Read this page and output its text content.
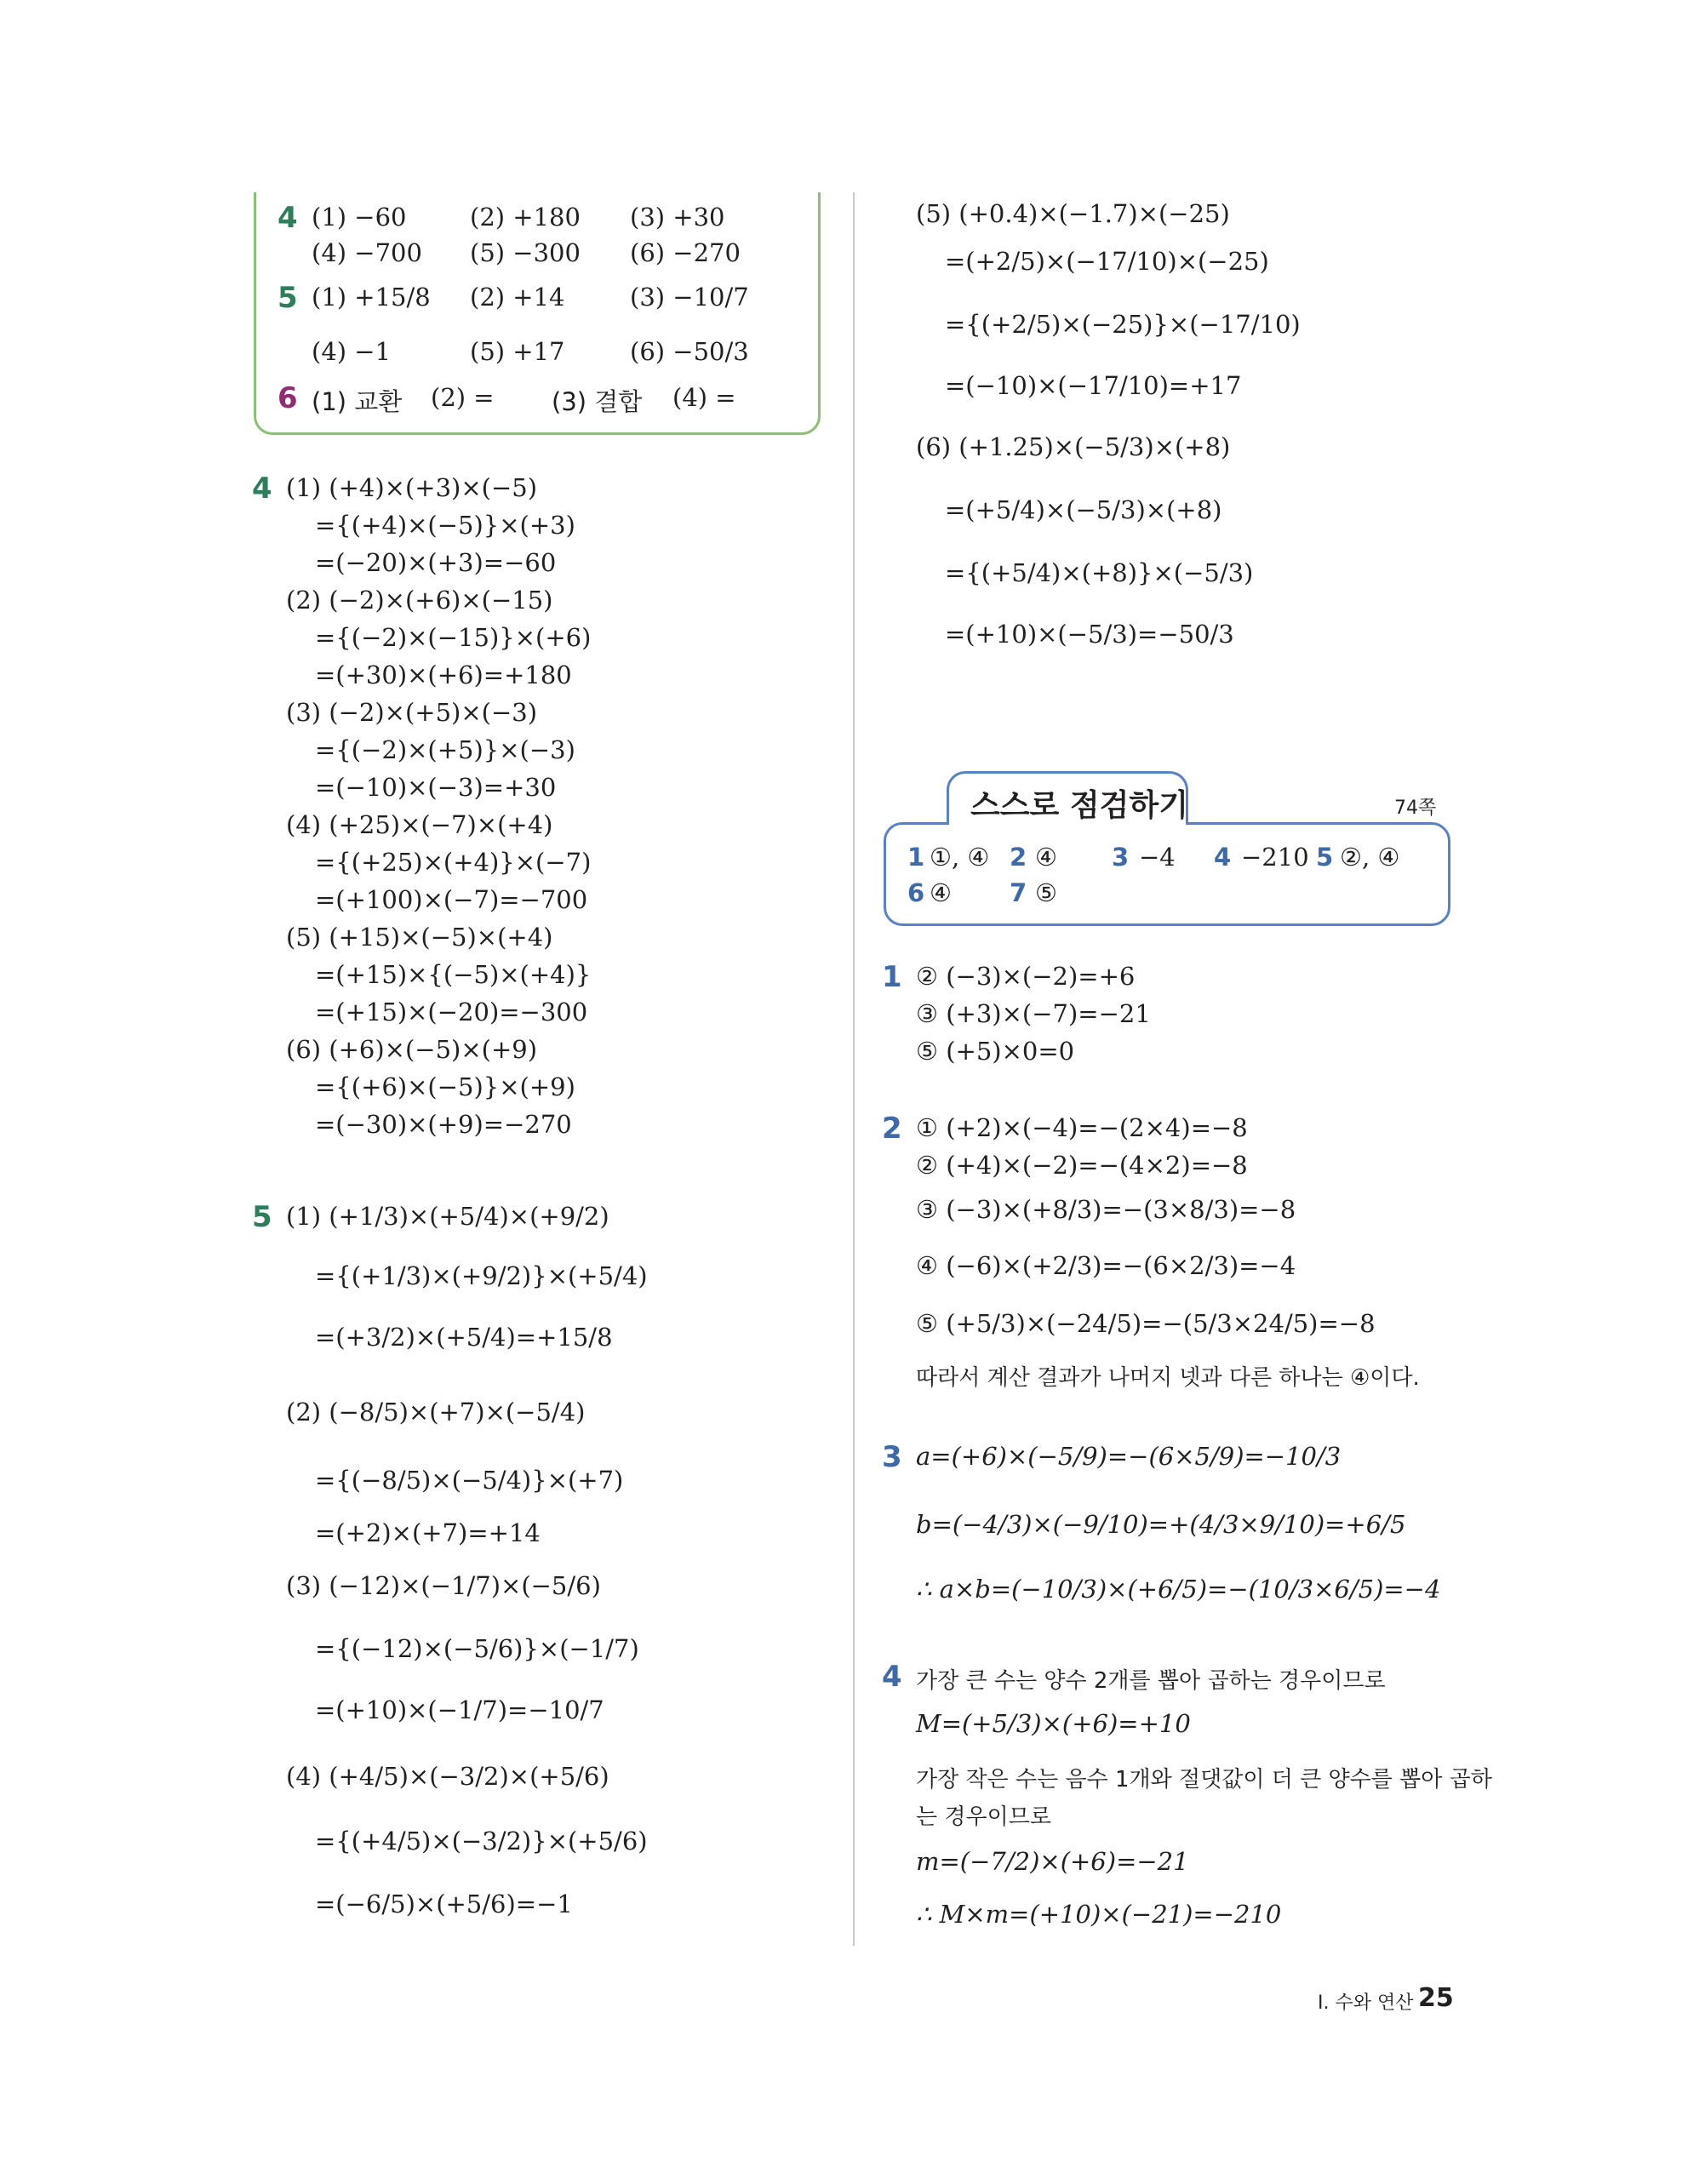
4 (1) −60	(2) +180 (3) +30
(4) −700 (5) −300 (6) −270
5 (1) +15/8 (2) +14	(3) −10/7
(4) −1	(5) +17	(6) −50/3
6 (1) 교환 (2) = (3) 결합 (4) =
4 (1) (+4)×(+3)×(−5)
={(+4)×(−5)}×(+3)
=(−20)×(+3)=−60
(2) (−2)×(+6)×(−15)
={(−2)×(−15)}×(+6)
=(+30)×(+6)=+180
(3) (−2)×(+5)×(−3)
={(−2)×(+5)}×(−3)
=(−10)×(−3)=+30
(4) (+25)×(−7)×(+4)
={(+25)×(+4)}×(−7)
=(+100)×(−7)=−700
(5) (+15)×(−5)×(+4)
=(+15)×{(−5)×(+4)}
=(+15)×(−20)=−300
(6) (+6)×(−5)×(+9)
={(+6)×(−5)}×(+9)
=(−30)×(+9)=−270
5 (1) (+1/3)×(+5/4)×(+9/2)
={(+1/3)×(+9/2)}×(+5/4)
=(+3/2)×(+5/4)=+15/8
(2) (−8/5)×(+7)×(−5/4)
={(−8/5)×(−5/4)}×(+7)
=(+2)×(+7)=+14
(3) (−12)×(−1/7)×(−5/6)
={(−12)×(−5/6)}×(−1/7)
=(+10)×(−1/7)=−10/7
(4) (+4/5)×(−3/2)×(+5/6)
={(+4/5)×(−3/2)}×(+5/6)
=(−6/5)×(+5/6)=−1
(5) (+0.4)×(−1.7)×(−25)
=(+2/5)×(−17/10)×(−25)
={(+2/5)×(−25)}×(−17/10)
=(−10)×(−17/10)=+17
(6) (+1.25)×(−5/3)×(+8)
=(+5/4)×(−5/3)×(+8)
={(+5/4)×(+8)}×(−5/3)
=(+10)×(−5/3)=−50/3
스스로 점검하기	74쪽
1 ①, ④ 2 ④ 3 −4 4 −210 5 ②, ④
6 ④ 7 ⑤
1 ② (−3)×(−2)=+6
③ (+3)×(−7)=−21
⑤ (+5)×0=0
2 ① (+2)×(−4)=−(2×4)=−8
② (+4)×(−2)=−(4×2)=−8
③ (−3)×(+8/3)=−(3×8/3)=−8
④ (−6)×(+2/3)=−(6×2/3)=−4
⑤ (+5/3)×(−24/5)=−(5/3×24/5)=−8
따라서 계산 결과가 나머지 넷과 다른 하나는 ④이다.
3 a=(+6)×(−5/9)=−(6×5/9)=−10/3
b=(−4/3)×(−9/10)=+(4/3×9/10)=+6/5
∴ a×b=(−10/3)×(+6/5)=−(10/3×6/5)=−4
4 가장 큰 수는 양수 2개를 뽑아 곱하는 경우이므로
M=(+5/3)×(+6)=+10
가장 작은 수는 음수 1개와 절댓값이 더 큰 양수를 뽑아 곱하
는 경우이므로
m=(−7/2)×(+6)=−21
∴ M×m=(+10)×(−21)=−210
I. 수와 연산 25
